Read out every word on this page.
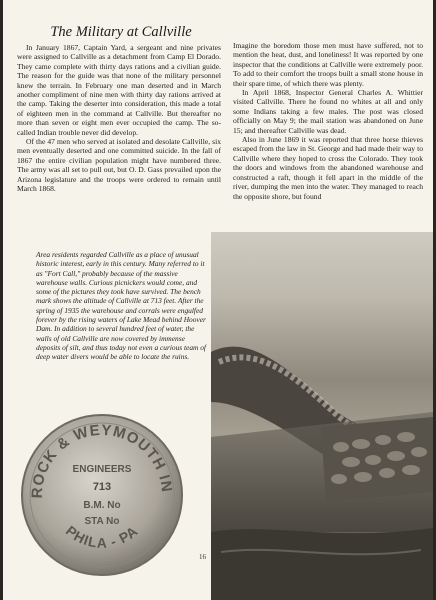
The Military at Callville

In January 1867, Captain Yard, a sergeant and nine privates were assigned to Callville as a detachment from Camp El Dorado. They came complete with thirty days rations and a civilian guide. The reason for the guide was that none of the military personnel knew the terrain. In February one man deserted and in March another compliment of nine men with thirty day rations arrived at the camp. Taking the deserter into consideration, this made a total of eighteen men in the command at Callville. But thereafter no more than seven or eight men ever occupied the camp. The so-called Indian trouble never did develop.

Of the 47 men who served at isolated and desolate Callville, six men eventually deserted and one committed suicide. In the fall of 1867 the entire civilian population might have numbered three. The army was all set to pull out, but O. D. Gass prevailed upon the Arizona legislature and the troops were ordered to remain until March 1868.

Imagine the boredom those men must have suffered, not to mention the heat, dust, and loneliness! It was reported by one inspector that the conditions at Callville were extremely poor. To add to their comfort the troops built a small stone house in their spare time, of which there was plenty.

In April 1868, Inspector General Charles A. Whittier visited Callville. There he found no whites at all and only some Indians taking a few males. The post was closed officially on May 9; the mail station was abandoned on June 15; and thereafter Callville was dead.

Also in June 1869 it was reported that three horse thieves escaped from the law in St. George and had made their way to Callville where they hoped to cross the Colorado. They took the doors and windows from the abandoned warehouse and constructed a raft, though it fell apart in the middle of the river, dumping the men into the water. They managed to reach the opposite shore, but found

Area residents regarded Callville as a place of unusual historic interest, early in this century. Many referred to it as "Fort Call," probably because of the massive warehouse walls. Curious picnickers would come, and some of the pictures they took have survived. The bench mark shows the altitude of Callville at 713 feet. After the spring of 1935 the warehouse and corrals were engulfed forever by the rising waters of Lake Mead behind Hoover Dam. In addition to several hundred feet of water, the walls of old Callville are now covered by immense deposits of silt, and thus today not even a curious team of deep water divers would be able to locate the ruins.
ROCK & WEYMOUTH IN
ENGINEERS
713
B.M. No
STA No
PHILA - PA
16
